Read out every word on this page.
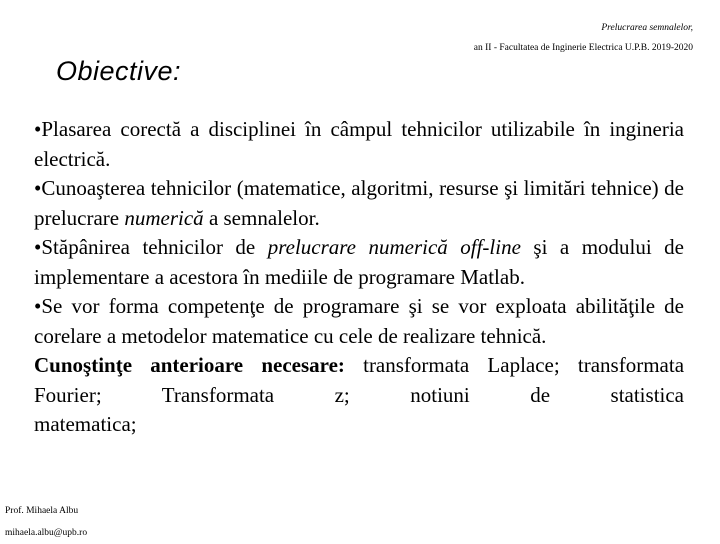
Prelucrarea semnalelor,
an II - Facultatea de Inginerie Electrica U.P.B. 2019-2020
Obiective:

•Plasarea corectă a disciplinei în câmpul tehnicilor utilizabile în ingineria electrică.

•Cunoaşterea tehnicilor (matematice, algoritmi, resurse şi limitări tehnice) de prelucrare numerică a semnalelor.

•Stăpânirea tehnicilor de prelucrare numerică off-line şi a modului de implementare a acestora în mediile de programare Matlab.

•Se vor forma competenţe de programare şi se vor exploata abilităţile de corelare a metodelor matematice cu cele de realizare tehnică.

Cunoştinţe anterioare necesare: transformata Laplace; transformata Fourier; Transformata z; notiuni de statistica

matematica;

Prof. Mihaela Albu
mihaela.albu@upb.ro
